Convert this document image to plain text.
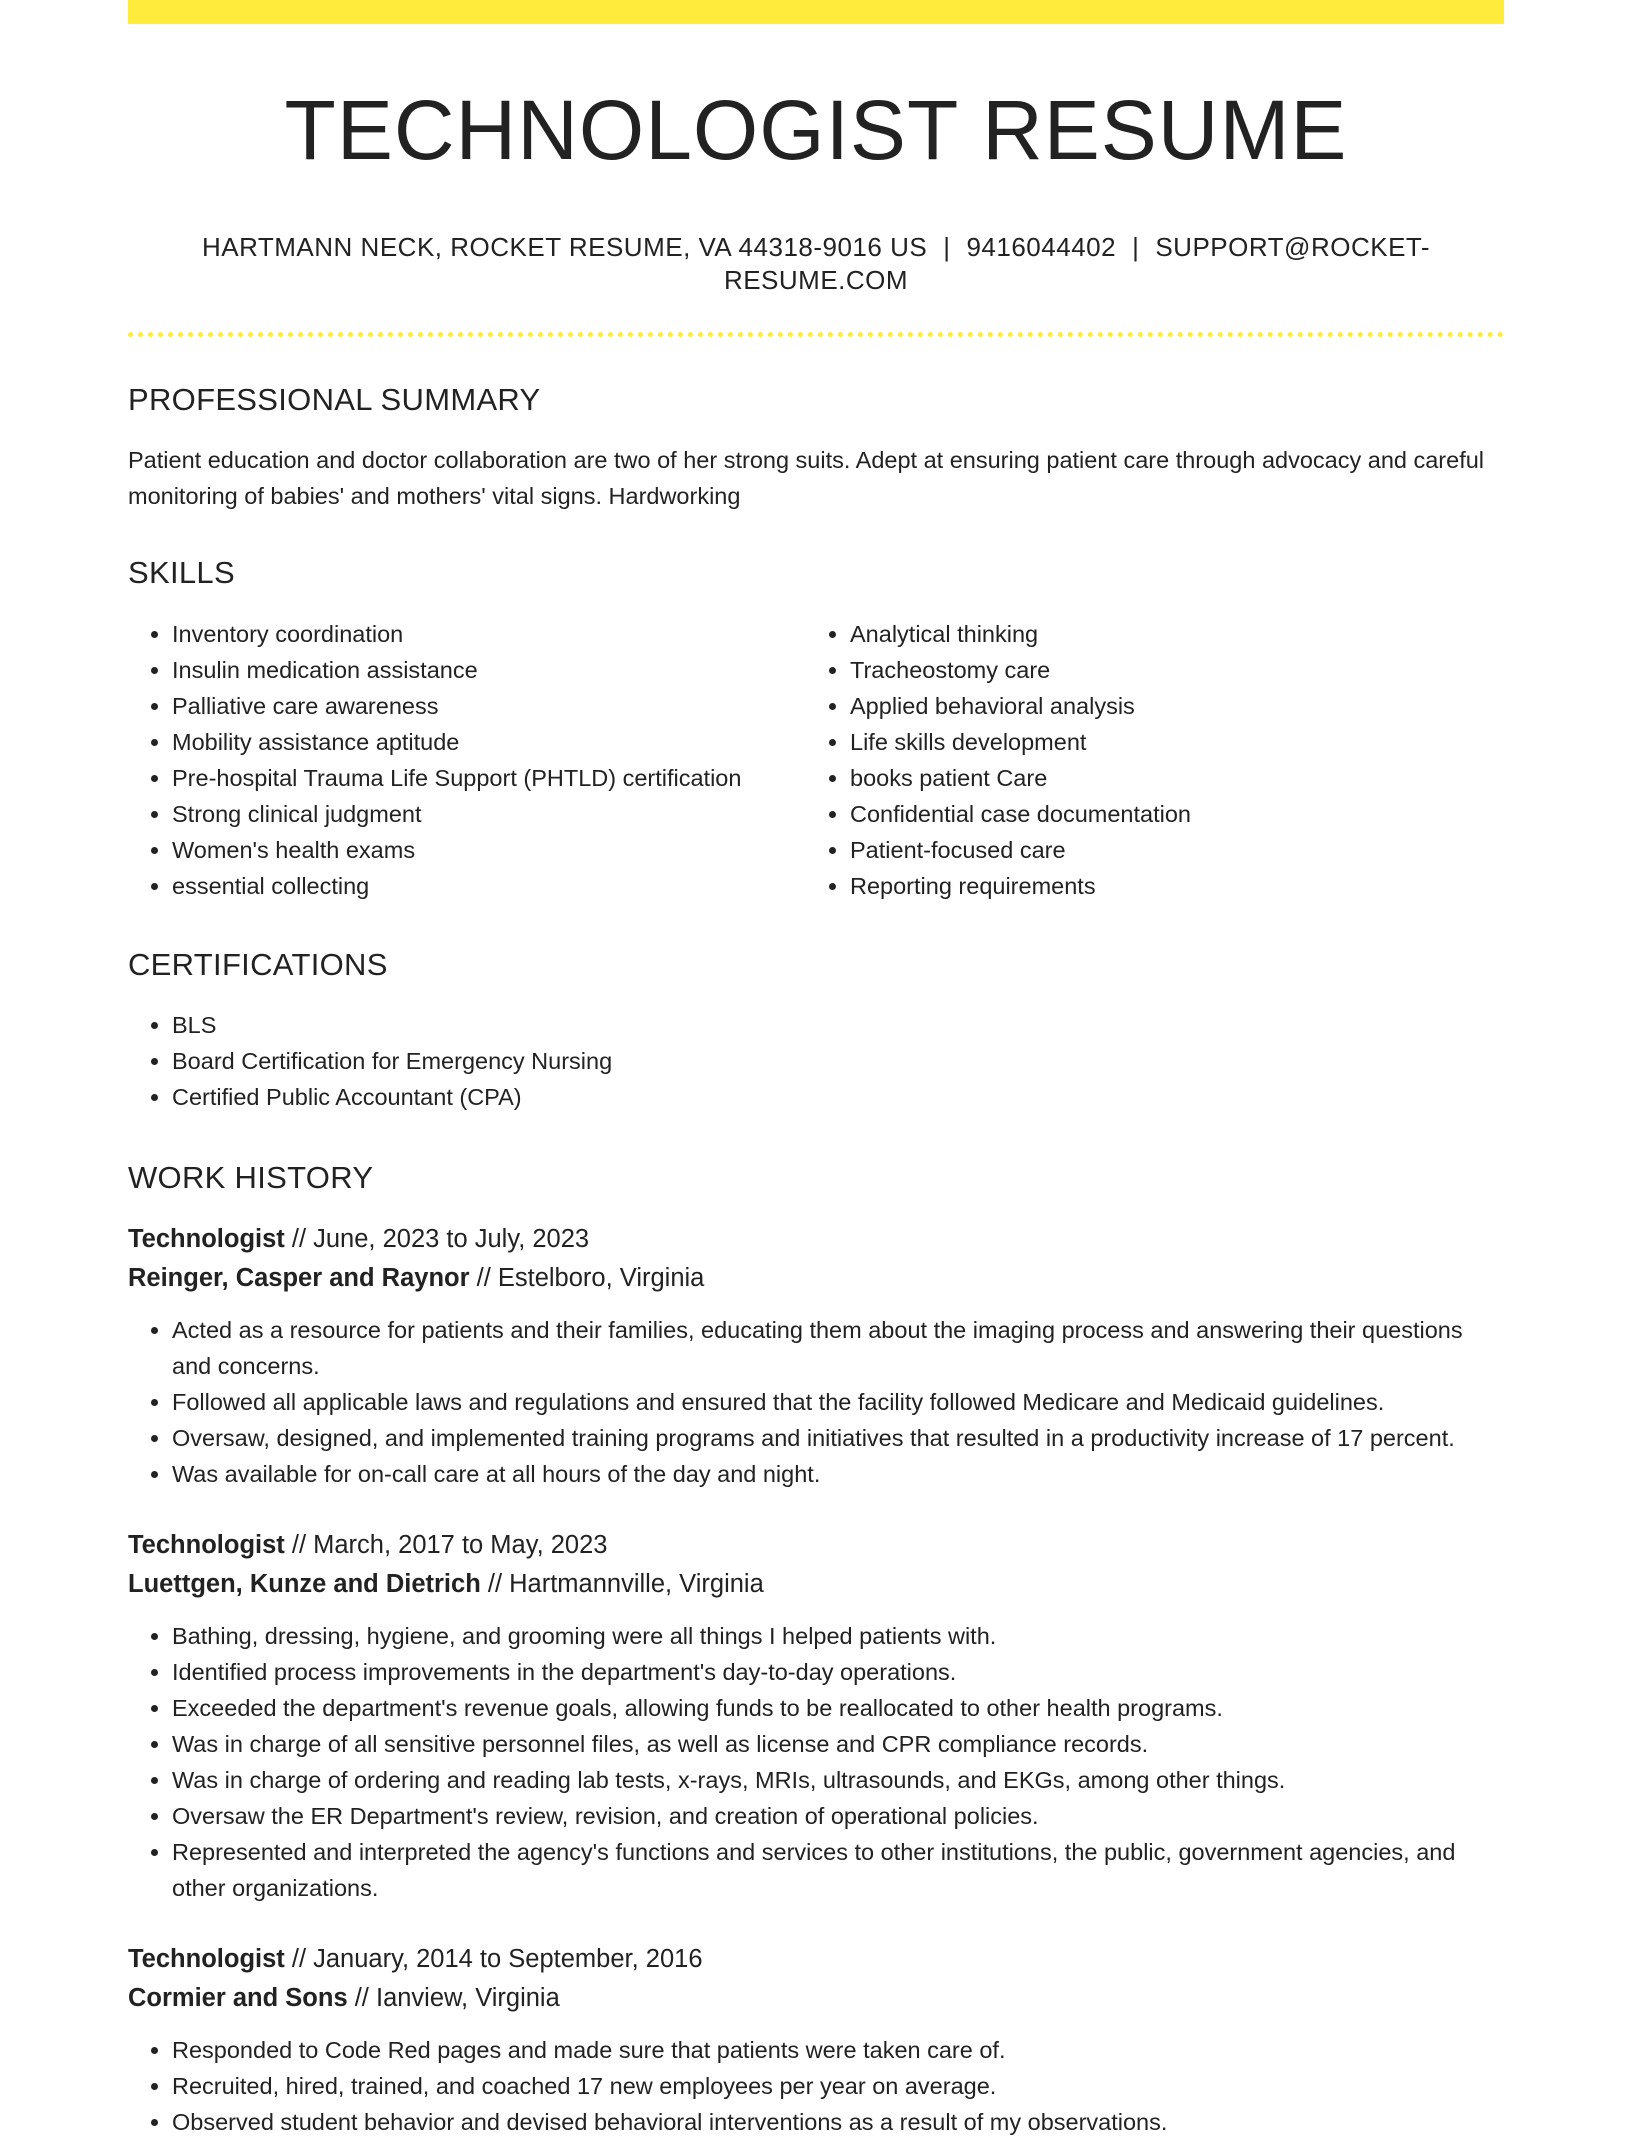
TECHNOLOGIST RESUME
HARTMANN NECK, ROCKET RESUME, VA 44318-9016 US | 9416044402 | SUPPORT@ROCKET-RESUME.COM
PROFESSIONAL SUMMARY
Patient education and doctor collaboration are two of her strong suits. Adept at ensuring patient care through advocacy and careful monitoring of babies' and mothers' vital signs. Hardworking
SKILLS
• Inventory coordination
• Insulin medication assistance
• Palliative care awareness
• Mobility assistance aptitude
• Pre-hospital Trauma Life Support (PHTLD) certification
• Strong clinical judgment
• Women's health exams
• essential collecting
• Analytical thinking
• Tracheostomy care
• Applied behavioral analysis
• Life skills development
• books patient Care
• Confidential case documentation
• Patient-focused care
• Reporting requirements
CERTIFICATIONS
• BLS
• Board Certification for Emergency Nursing
• Certified Public Accountant (CPA)
WORK HISTORY
Technologist // June, 2023 to July, 2023
Reinger, Casper and Raynor // Estelboro, Virginia
• Acted as a resource for patients and their families, educating them about the imaging process and answering their questions and concerns.
• Followed all applicable laws and regulations and ensured that the facility followed Medicare and Medicaid guidelines.
• Oversaw, designed, and implemented training programs and initiatives that resulted in a productivity increase of 17 percent.
• Was available for on-call care at all hours of the day and night.
Technologist // March, 2017 to May, 2023
Luettgen, Kunze and Dietrich // Hartmannville, Virginia
• Bathing, dressing, hygiene, and grooming were all things I helped patients with.
• Identified process improvements in the department's day-to-day operations.
• Exceeded the department's revenue goals, allowing funds to be reallocated to other health programs.
• Was in charge of all sensitive personnel files, as well as license and CPR compliance records.
• Was in charge of ordering and reading lab tests, x-rays, MRIs, ultrasounds, and EKGs, among other things.
• Oversaw the ER Department's review, revision, and creation of operational policies.
• Represented and interpreted the agency's functions and services to other institutions, the public, government agencies, and other organizations.
Technologist // January, 2014 to September, 2016
Cormier and Sons // Ianview, Virginia
• Responded to Code Red pages and made sure that patients were taken care of.
• Recruited, hired, trained, and coached 17 new employees per year on average.
• Observed student behavior and devised behavioral interventions as a result of my observations.
